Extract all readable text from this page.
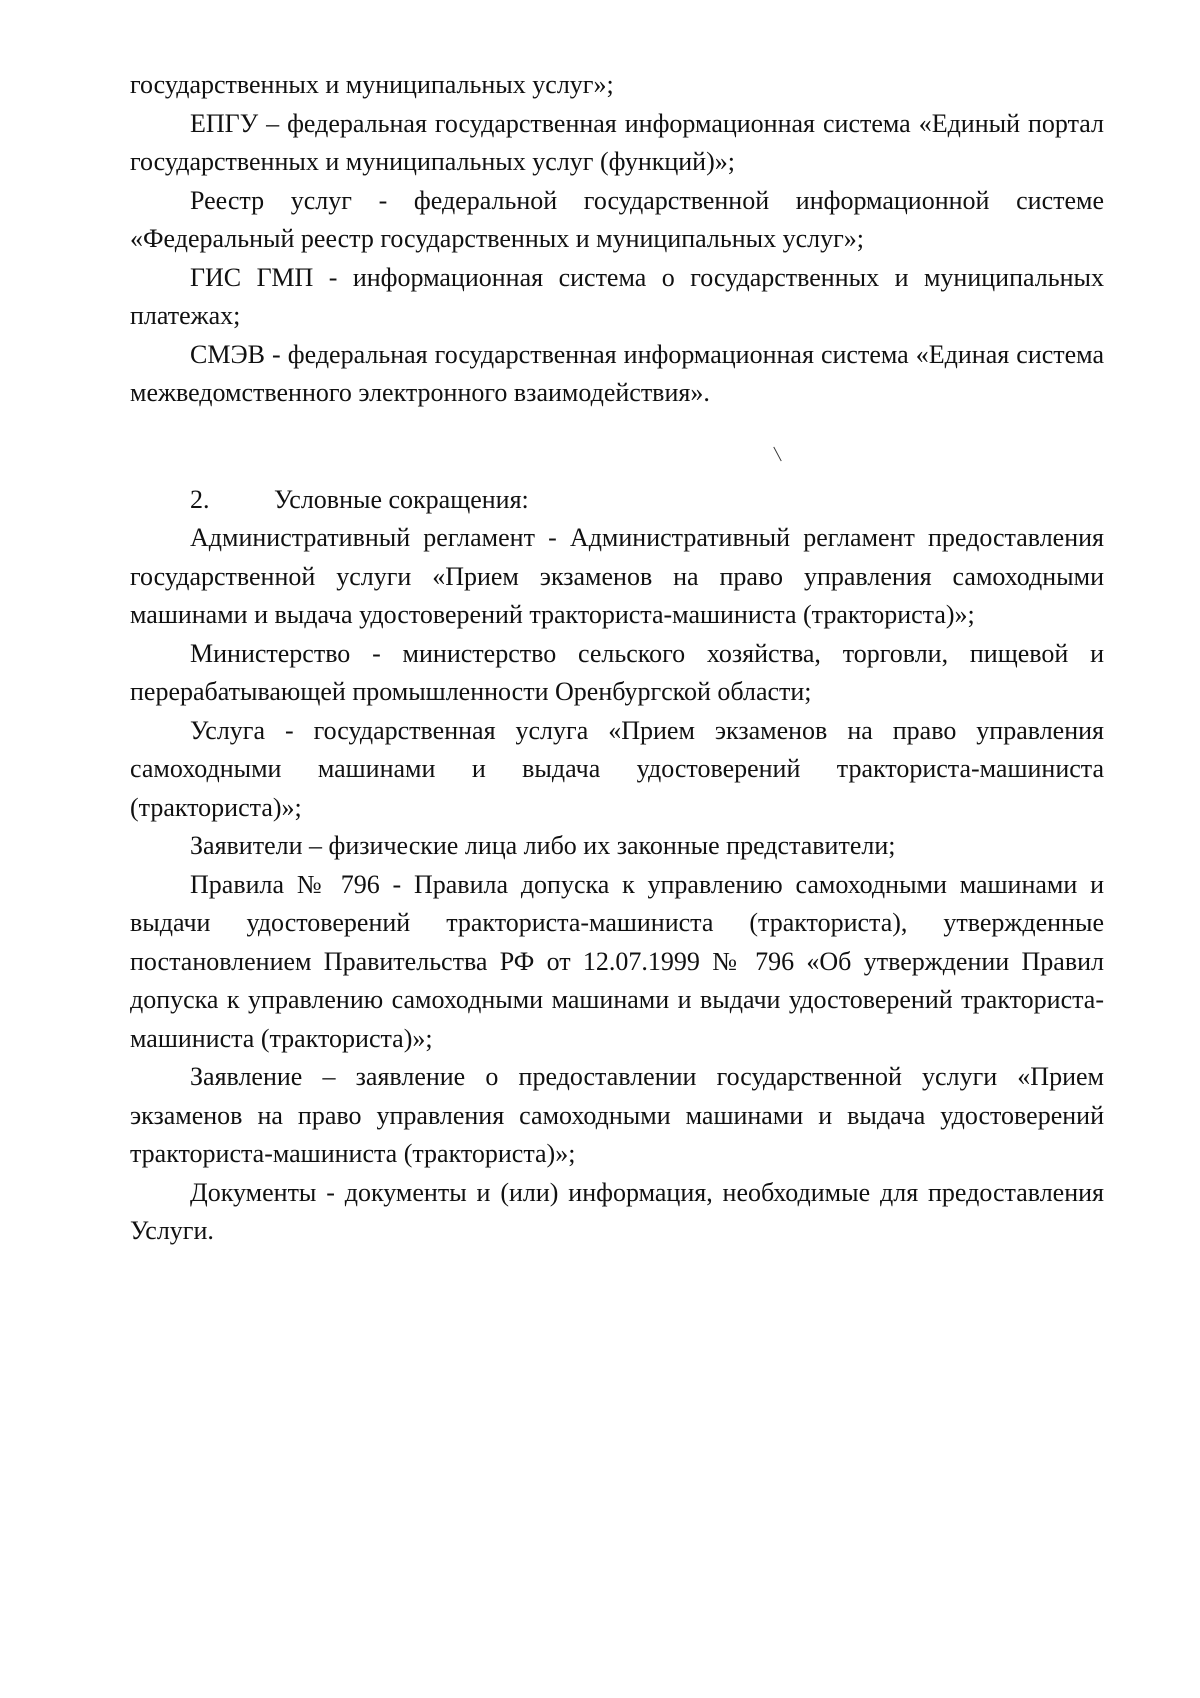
государственных и муниципальных услуг»;

ЕПГУ – федеральная государственная информационная система «Единый портал государственных и муниципальных услуг (функций)»;

Реестр услуг - федеральной государственной информационной системе «Федеральный реестр государственных и муниципальных услуг»;

ГИС ГМП - информационная система о государственных и муниципальных платежах;

СМЭВ - федеральная государственная информационная система «Единая система межведомственного электронного взаимодействия».

2. Условные сокращения:

Административный регламент - Административный регламент предоставления государственной услуги «Прием экзаменов на право управления самоходными машинами и выдача удостоверений тракториста-машиниста (тракториста)»;

Министерство - министерство сельского хозяйства, торговли, пищевой и перерабатывающей промышленности Оренбургской области;

Услуга - государственная услуга «Прием экзаменов на право управления самоходными машинами и выдача удостоверений тракториста-машиниста (тракториста)»;

Заявители – физические лица либо их законные представители;

Правила № 796 - Правила допуска к управлению самоходными машинами и выдачи удостоверений тракториста-машиниста (тракториста), утвержденные постановлением Правительства РФ от 12.07.1999 № 796 «Об утверждении Правил допуска к управлению самоходными машинами и выдачи удостоверений тракториста-машиниста (тракториста)»;

Заявление – заявление о предоставлении государственной услуги «Прием экзаменов на право управления самоходными машинами и выдача удостоверений тракториста-машиниста (тракториста)»;

Документы - документы и (или) информация, необходимые для предоставления Услуги.
